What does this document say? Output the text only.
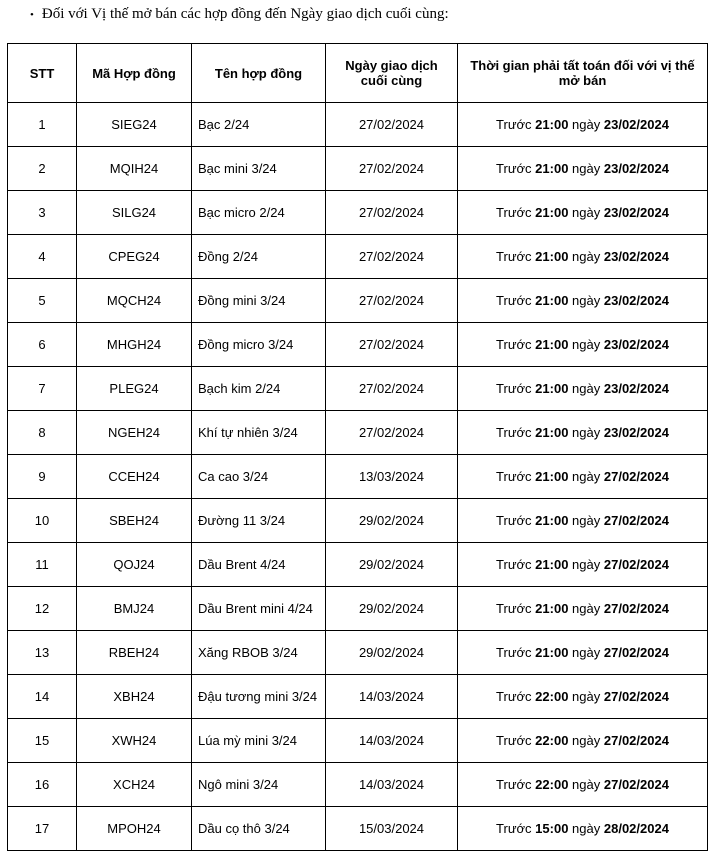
• Đối với Vị thế mở bán các hợp đồng đến Ngày giao dịch cuối cùng:
STT	Mã Hợp đồng	Tên hợp đồng	Ngày giao dịch cuối cùng	Thời gian phải tất toán đối với vị thế mở bán
1	SIEG24	Bạc 2/24	27/02/2024	Trước 21:00 ngày 23/02/2024
2	MQIH24	Bạc mini 3/24	27/02/2024	Trước 21:00 ngày 23/02/2024
3	SILG24	Bạc micro 2/24	27/02/2024	Trước 21:00 ngày 23/02/2024
4	CPEG24	Đồng 2/24	27/02/2024	Trước 21:00 ngày 23/02/2024
5	MQCH24	Đồng mini 3/24	27/02/2024	Trước 21:00 ngày 23/02/2024
6	MHGH24	Đồng micro 3/24	27/02/2024	Trước 21:00 ngày 23/02/2024
7	PLEG24	Bạch kim 2/24	27/02/2024	Trước 21:00 ngày 23/02/2024
8	NGEH24	Khí tự nhiên 3/24	27/02/2024	Trước 21:00 ngày 23/02/2024
9	CCEH24	Ca cao 3/24	13/03/2024	Trước 21:00 ngày 27/02/2024
10	SBEH24	Đường 11 3/24	29/02/2024	Trước 21:00 ngày 27/02/2024
11	QOJ24	Dầu Brent 4/24	29/02/2024	Trước 21:00 ngày 27/02/2024
12	BMJ24	Dầu Brent mini 4/24	29/02/2024	Trước 21:00 ngày 27/02/2024
13	RBEH24	Xăng RBOB 3/24	29/02/2024	Trước 21:00 ngày 27/02/2024
14	XBH24	Đậu tương mini 3/24	14/03/2024	Trước 22:00 ngày 27/02/2024
15	XWH24	Lúa mỳ mini 3/24	14/03/2024	Trước 22:00 ngày 27/02/2024
16	XCH24	Ngô mini 3/24	14/03/2024	Trước 22:00 ngày 27/02/2024
17	MPOH24	Dầu cọ thô 3/24	15/03/2024	Trước 15:00 ngày 28/02/2024
